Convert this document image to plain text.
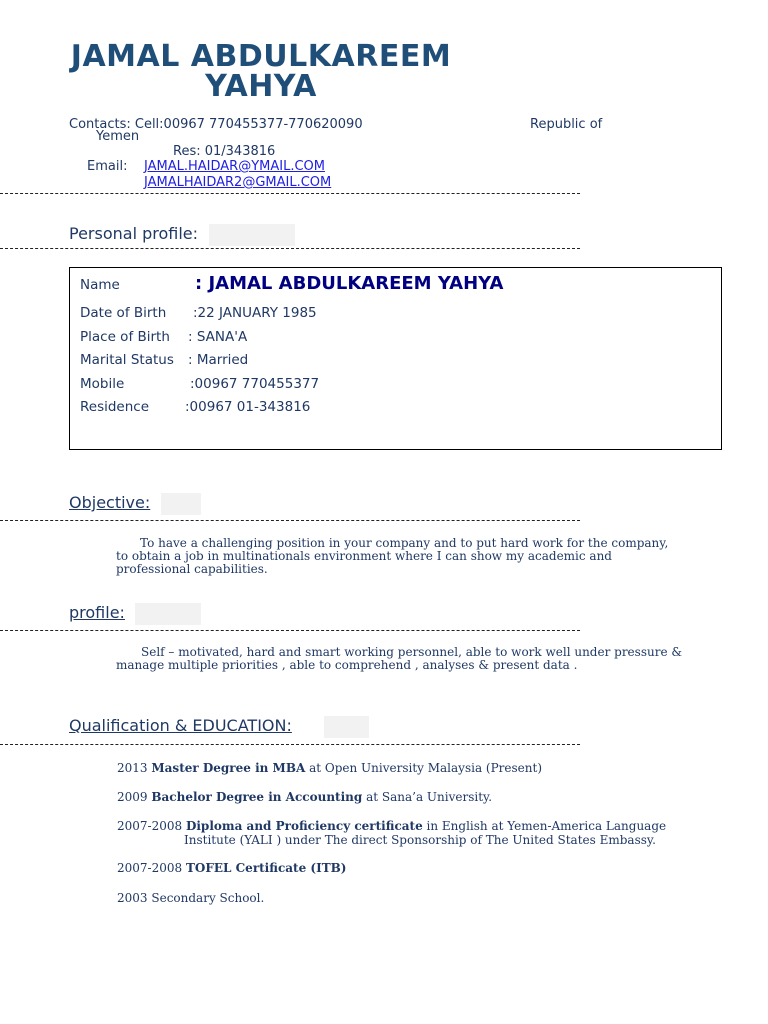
JAMAL ABDULKAREEM
YAHYA
Contacts: Cell:00967 770455377-770620090	Republic of
Yemen
Res: 01/343816
Email: JAMAL.HAIDAR@YMAIL.COM
JAMALHAIDAR2@GMAIL.COM
Personal profile:
Name	: JAMAL ABDULKAREEM YAHYA
Date of Birth :22 JANUARY 1985
Place of Birth : SANA'A
Marital Status : Married
Mobile	:00967 770455377
Residence	:00967 01-343816
Objective:
To have a challenging position in your company and to put hard work for the company,
to obtain a job in multinationals environment where I can show my academic and
professional capabilities.
profile:
Self – motivated, hard and smart working personnel, able to work well under pressure &
manage multiple priorities , able to comprehend , analyses & present data .
Qualification & EDUCATION:
2013 Master Degree in MBA at Open University Malaysia (Present)
2009 Bachelor Degree in Accounting at Sana’a University.
2007-2008 Diploma and Proficiency certificate in English at Yemen-America Language
Institute (YALI ) under The direct Sponsorship of The United States Embassy.
2007-2008 TOFEL Certificate (ITB)
2003 Secondary School.
